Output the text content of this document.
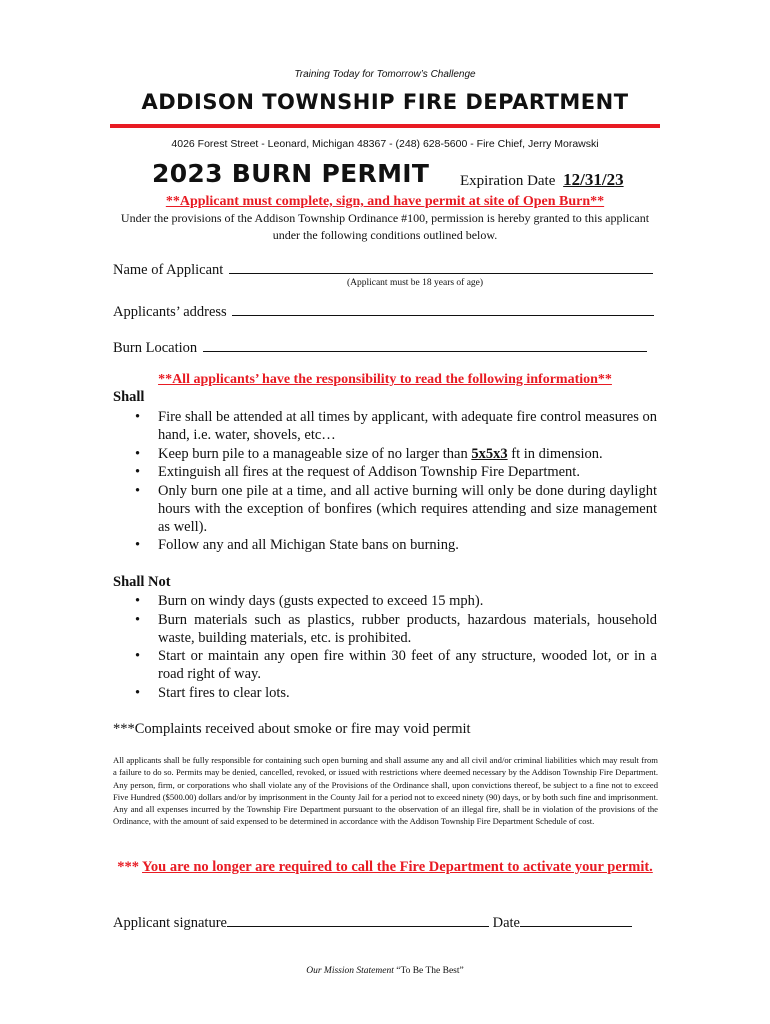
Training Today for Tomorrow’s Challenge
ADDISON TOWNSHIP FIRE DEPARTMENT
4026 Forest Street - Leonard, Michigan 48367 - (248) 628-5600 - Fire Chief, Jerry Morawski
2023 BURN PERMIT Expiration Date 12/31/23
**Applicant must complete, sign, and have permit at site of Open Burn**
Under the provisions of the Addison Township Ordinance #100, permission is hereby granted to this applicant under the following conditions outlined below.
Name of Applicant
(Applicant must be 18 years of age)
Applicants’ address
Burn Location
**All applicants’ have the responsibility to read the following information**
Shall
• Fire shall be attended at all times by applicant, with adequate fire control measures on hand, i.e. water, shovels, etc…
• Keep burn pile to a manageable size of no larger than 5x5x3 ft in dimension.
• Extinguish all fires at the request of Addison Township Fire Department.
• Only burn one pile at a time, and all active burning will only be done during daylight hours with the exception of bonfires (which requires attending and size management as well).
• Follow any and all Michigan State bans on burning.
Shall Not
• Burn on windy days (gusts expected to exceed 15 mph).
• Burn materials such as plastics, rubber products, hazardous materials, household waste, building materials, etc. is prohibited.
• Start or maintain any open fire within 30 feet of any structure, wooded lot, or in a road right of way.
• Start fires to clear lots.
***Complaints received about smoke or fire may void permit
All applicants shall be fully responsible for containing such open burning and shall assume any and all civil and/or criminal liabilities which may result from a failure to do so. Permits may be denied, cancelled, revoked, or issued with restrictions where deemed necessary by the Addison Township Fire Department. Any person, firm, or corporations who shall violate any of the Provisions of the Ordinance shall, upon convictions thereof, be subject to a fine not to exceed Five Hundred ($500.00) dollars and/or by imprisonment in the County Jail for a period not to exceed ninety (90) days, or by both such fine and imprisonment. Any and all expenses incurred by the Township Fire Department pursuant to the observation of an illegal fire, shall be in violation of the provisions of the Ordinance, with the amount of said expensed to be determined in accordance with the Addison Township Fire Department Schedule of cost.
*** You are no longer are required to call the Fire Department to activate your permit.
Applicant signature	Date
Our Mission Statement “To Be The Best”
